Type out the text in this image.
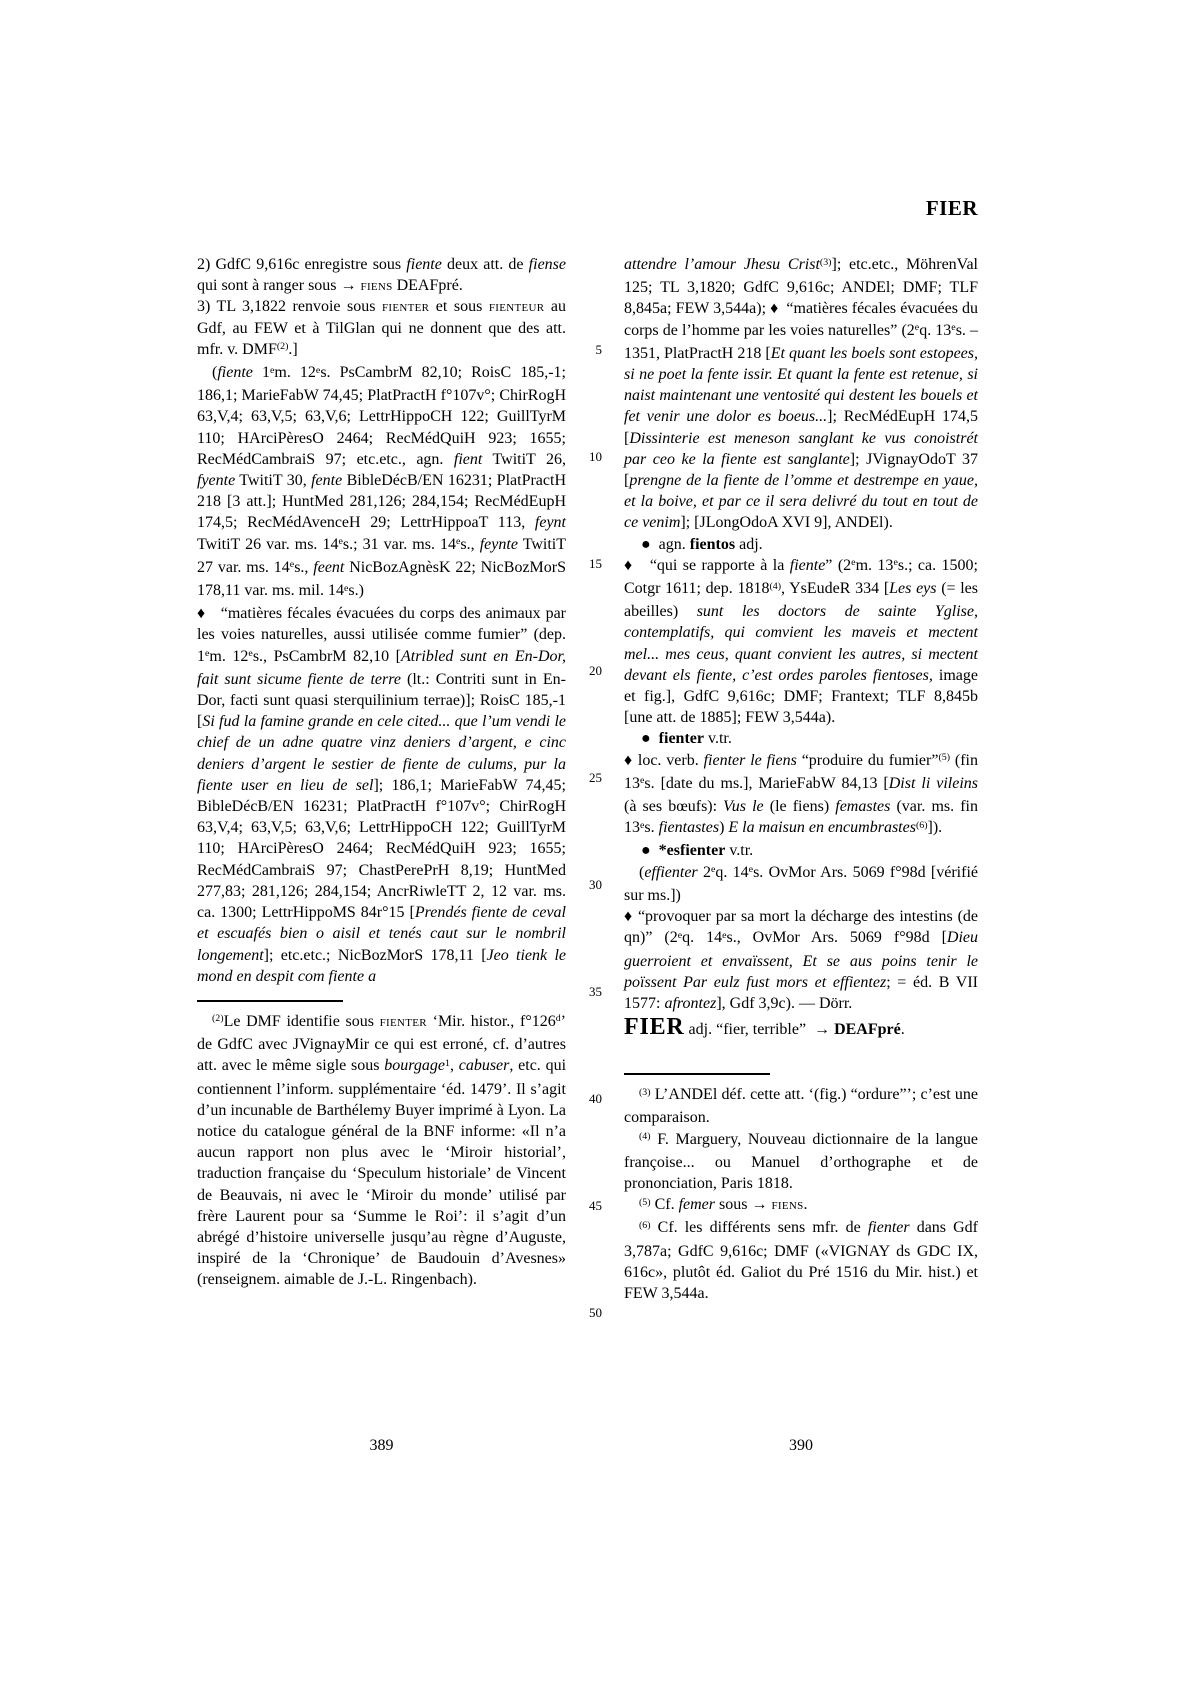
FIER
5
10
15
20
25
30
35
40
45
50

2) GdfC 9,616c enregistre sous fiente deux att. de fiense qui sont à ranger sous → fiens DEAFpré.

3) TL 3,1822 renvoie sous fienter et sous fienteur au Gdf, au FEW et à TilGlan qui ne donnent que des att. mfr. v. DMF$^{(2)}$.]

(fiente 1em. 12es. PsCambrM 82,10; RoisC 185,-1; 186,1; MarieFabW 74,45; PlatPractH f°107v°; ChirRogH 63,V,4; 63,V,5; 63,V,6; LettrHippoCH 122; GuillTyrM 110; HArciPèresO 2464; RecMédQuiH 923; 1655; RecMédCambraiS 97; etc.etc., agn. fient TwitiT 26, fyente TwitiT 30, fente BibleDécB/EN 16231; PlatPractH 218 [3 att.]; HuntMed 281,126; 284,154; RecMédEupH 174,5; RecMédAvenceH 29; LettrHippoaT 113, feynt TwitiT 26 var. ms. 14es.; 31 var. ms. 14es., feynte TwitiT 27 var. ms. 14es., feent NicBozAgnèsK 22; NicBozMorS 178,11 var. ms. mil. 14es.)

♦   “matières fécales évacuées du corps des animaux par les voies naturelles, aussi utilisée comme fumier” (dep. 1em. 12es., PsCambrM 82,10 [Atribled sunt en En-Dor, fait sunt sicume fiente de terre (lt.: Contriti sunt in En-Dor, facti sunt quasi sterquilinium terrae)]; RoisC 185,-1 [Si fud la famine grande en cele cited... que l’um vendi le chief de un adne quatre vinz deniers d’argent, e cinc deniers d’argent le sestier de fiente de culums, pur la fiente user en lieu de sel]; 186,1; MarieFabW 74,45; BibleDécB/EN 16231; PlatPractH f°107v°; ChirRogH 63,V,4; 63,V,5; 63,V,6; LettrHippoCH 122; GuillTyrM 110; HArciPèresO 2464; RecMédQuiH 923; 1655; RecMédCambraiS 97; ChastPerePrH 8,19; HuntMed 277,83; 281,126; 284,154; AncrRiwleTT 2, 12 var. ms. ca. 1300; LettrHippoMS 84r°15 [Prendés fiente de ceval et escuafés bien o aisil et tenés caut sur le nombril longement]; etc.etc.; NicBozMorS 178,11 [Jeo tienk le mond en despit com fiente a

$^{(2)}$Le DMF identifie sous fienter ‘Mir. histor., f°126$^d$’ de GdfC avec JVignayMir ce qui est erroné, cf. d’autres att. avec le même sigle sous bourgage$^1$, cabuser, etc. qui contiennent l’inform. supplémentaire ‘éd. 1479’. Il s’agit d’un incunable de Barthélemy Buyer imprimé à Lyon. La notice du catalogue général de la BNF informe: «Il n’a aucun rapport non plus avec le ‘Miroir historial’, traduction française du ‘Speculum historiale’ de Vincent de Beauvais, ni avec le ‘Miroir du monde’ utilisé par frère Laurent pour sa ‘Summe le Roi’: il s’agit d’un abrégé d’histoire universelle jusqu’au règne d’Auguste, inspiré de la ‘Chronique’ de Baudouin d’Avesnes» (renseignem. aimable de J.-L. Ringenbach).

attendre l’amour Jhesu Crist$^{(3)}$]; etc.etc., MöhrenVal 125; TL 3,1820; GdfC 9,616c; ANDEl; DMF; TLF 8,845a; FEW 3,544a); ♦  “matières fécales évacuées du corps de l’homme par les voies naturelles” (2eq. 13es. – 1351, PlatPractH 218 [Et quant les boels sont estopees, si ne poet la fente issir. Et quant la fente est retenue, si naist maintenant une ventosité qui destent les bouels et fet venir une dolor es boeus...]; RecMédEupH 174,5 [Dissinterie est meneson sanglant ke vus conoistrét par ceo ke la fiente est sanglante]; JVignayOdoT 37 [prengne de la fiente de l’omme et destrempe en yaue, et la boive, et par ce il sera delivré du tout en tout de ce venim]; [JLongOdoA XVI 9], ANDEl).

●  agn. fientos adj.

♦   “qui se rapporte à la fiente” (2em. 13es.; ca. 1500; Cotgr 1611; dep. 1818$^{(4)}$, YsEudeR 334 [Les eys (= les abeilles) sunt les doctors de sainte Yglise, contemplatifs, qui comvient les maveis et mectent mel... mes ceus, quant convient les autres, si mectent devant els fiente, c’est ordes paroles fientoses, image et fig.], GdfC 9,616c; DMF; Frantext; TLF 8,845b [une att. de 1885]; FEW 3,544a).

●  fienter v.tr.

♦ loc. verb. fienter le fiens “produire du fumier”$^{(5)}$ (fin 13es. [date du ms.], MarieFabW 84,13 [Dist li vileins (à ses bœufs): Vus le (le fiens) femastes (var. ms. fin 13es. fientastes) E la maisun en encumbrastes$^{(6)}$]).

●  *esfienter v.tr.

(effienter 2eq. 14es. OvMor Ars. 5069 f°98d [vérifié sur ms.])

♦ “provoquer par sa mort la décharge des intestins (de qn)” (2eq. 14es., OvMor Ars. 5069 f°98d [Dieu guerroient et envaïssent, Et se aus poins tenir le poïssent Par eulz fust mors et effientez; = éd. B VII 1577: afrontez], Gdf 3,9c). — Dörr.

FIER adj. “fier, terrible”  → DEAFpré.

$^{(3)}$ L’ANDEl déf. cette att. ‘(fig.) “ordure”’; c’est une comparaison.

$^{(4)}$ F. Marguery, Nouveau dictionnaire de la langue françoise... ou Manuel d’orthographe et de prononciation, Paris 1818.

$^{(5)}$ Cf. femer sous → fiens.

$^{(6)}$ Cf. les différents sens mfr. de fienter dans Gdf 3,787a; GdfC 9,616c; DMF («VIGNAY ds GDC IX, 616c», plutôt éd. Galiot du Pré 1516 du Mir. hist.) et FEW 3,544a.

389	390
